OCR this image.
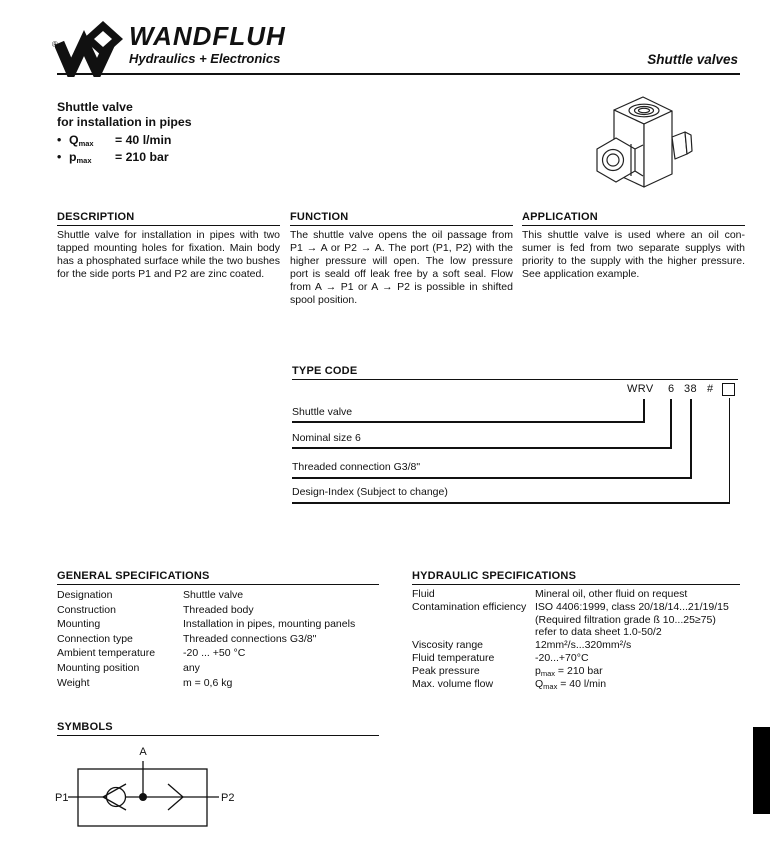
®	WANDFLUH
Hydraulics + Electronics	Shuttle valves
Shuttle valve
for installation in pipes
• Qmax	= 40 l/min
• pmax	= 210 bar
DESCRIPTION
Shuttle valve for installation in pipes with two tapped mounting holes for fixation. Main body has a phosphated surface while the two bushes for the side ports P1 and P2 are zinc coated.
FUNCTION
The shuttle valve opens the oil passage from P1 → A or P2 → A. The port (P1, P2) with the higher pressure will open. The low pressure port is seald off leak free by a soft seal. Flow from A → P1 or A → P2 is possible in shifted spool position.
APPLICATION
This shuttle valve is used where an oil con-sumer is fed from two separate supplys with priority to the supply with the higher pressure. See application example.
TYPE CODE
WRV 6 38 #
Shuttle valve
Nominal size 6
Threaded connection G3/8"
Design-Index (Subject to change)
GENERAL SPECIFICATIONS
Designation	Shuttle valve
Construction	Threaded body
Mounting	Installation in pipes, mounting panels
Connection type	Threaded connections G3/8"
Ambient temperature	-20 ... +50 °C
Mounting position	any
Weight	m = 0,6 kg
HYDRAULIC SPECIFICATIONS
Fluid	Mineral oil, other fluid on request
Contamination efficiency ISO 4406:1999, class 20/18/14...21/19/15
(Required filtration grade ß 10...25≥75)
refer to data sheet 1.0-50/2
Viscosity range	12mm²/s...320mm²/s
Fluid temperature	-20...+70°C
Peak pressure	pmax = 210 bar
Max. volume flow	Qmax = 40 l/min
SYMBOLS
P1	P2
A
